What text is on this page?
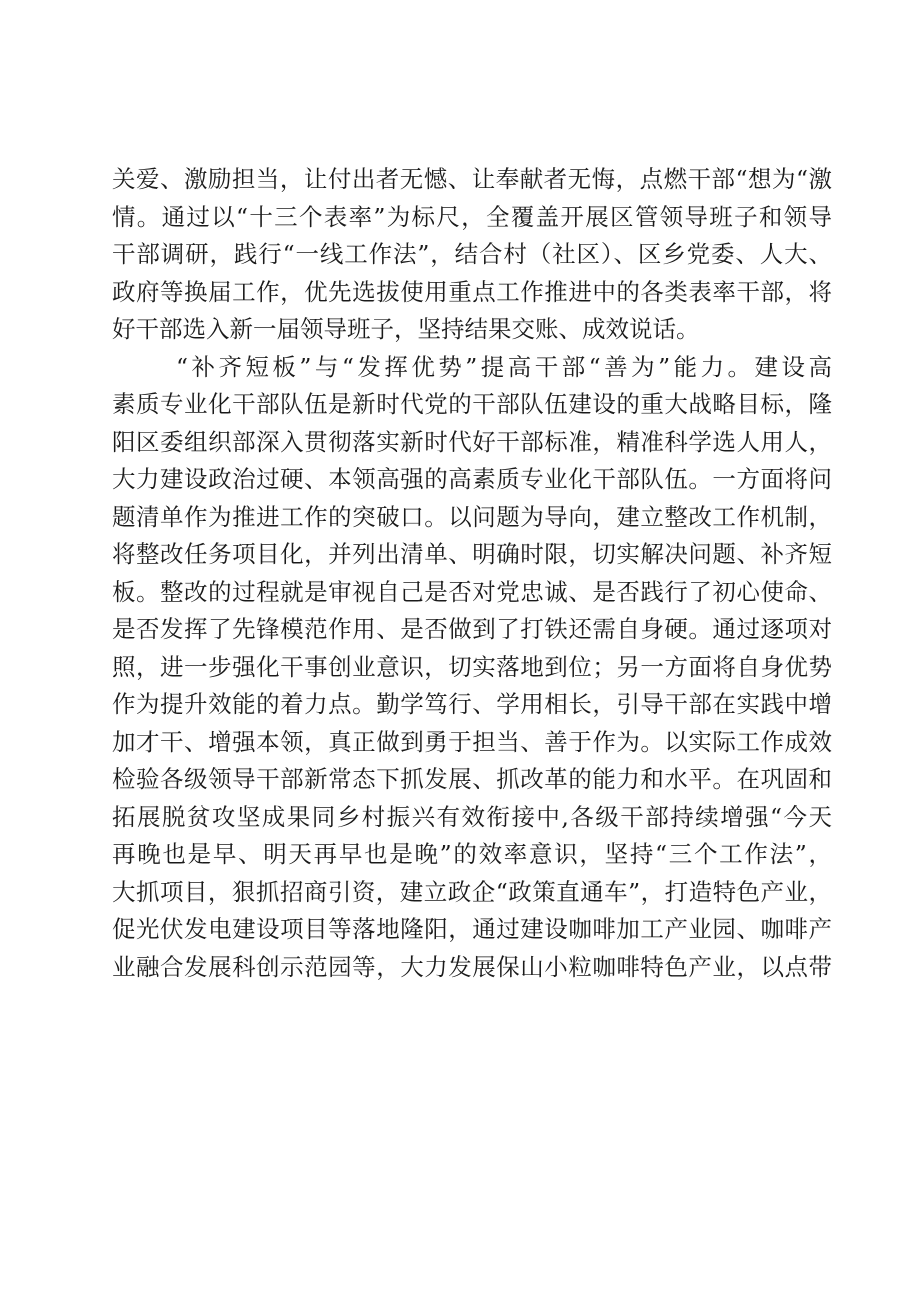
关爱、激励担当，让付出者无憾、让奉献者无悔，点燃干部“想为“激
情。通过以“十三个表率”为标尺，全覆盖开展区管领导班子和领导
干部调研，践行“一线工作法”，结合村（社区）、区乡党委、人大、
政府等换届工作，优先选拔使用重点工作推进中的各类表率干部，将
好干部选入新一届领导班子，坚持结果交账、成效说话。
“补齐短板”与“发挥优势”提高干部“善为”能力。建设高
素质专业化干部队伍是新时代党的干部队伍建设的重大战略目标，隆
阳区委组织部深入贯彻落实新时代好干部标准，精准科学选人用人，
大力建设政治过硬、本领高强的高素质专业化干部队伍。一方面将问
题清单作为推进工作的突破口。以问题为导向，建立整改工作机制，
将整改任务项目化，并列出清单、明确时限，切实解决问题、补齐短
板。整改的过程就是审视自己是否对党忠诚、是否践行了初心使命、
是否发挥了先锋模范作用、是否做到了打铁还需自身硬。通过逐项对
照，进一步强化干事创业意识，切实落地到位；另一方面将自身优势
作为提升效能的着力点。勤学笃行、学用相长，引导干部在实践中增
加才干、增强本领，真正做到勇于担当、善于作为。以实际工作成效
检验各级领导干部新常态下抓发展、抓改革的能力和水平。在巩固和
拓展脱贫攻坚成果同乡村振兴有效衔接中,各级干部持续增强“今天
再晚也是早、明天再早也是晚”的效率意识，坚持“三个工作法”，
大抓项目，狠抓招商引资，建立政企“政策直通车”，打造特色产业，
促光伏发电建设项目等落地隆阳，通过建设咖啡加工产业园、咖啡产
业融合发展科创示范园等，大力发展保山小粒咖啡特色产业，以点带
